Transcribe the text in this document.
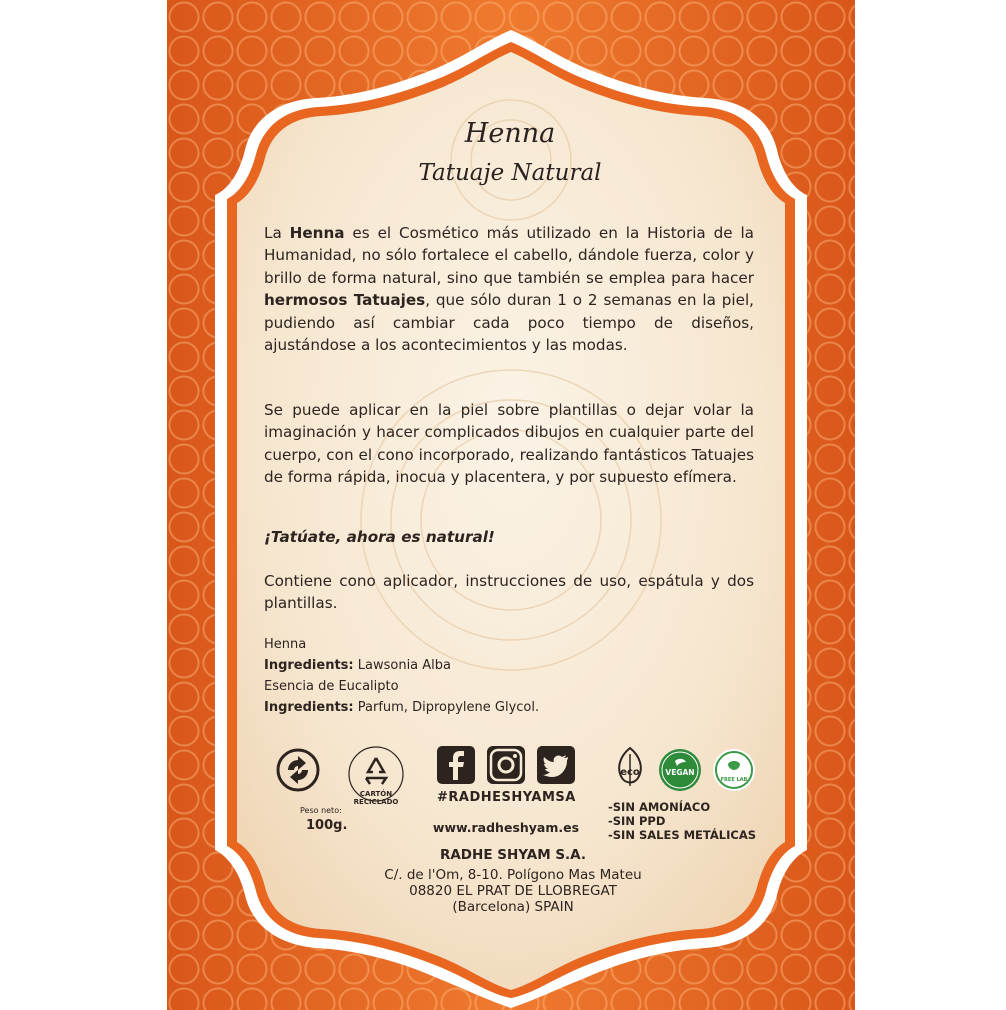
Henna
Tatuaje Natural
La Henna es el Cosmético más utilizado en la Historia de la Humanidad, no sólo fortalece el cabello, dándole fuerza, color y brillo de forma natural, sino que también se emplea para hacer hermosos Tatuajes, que sólo duran 1 o 2 semanas en la piel, pudiendo así cambiar cada poco tiempo de diseños, ajustándose a los acontecimientos y las modas.
Se puede aplicar en la piel sobre plantillas o dejar volar la imaginación y hacer complicados dibujos en cualquier parte del cuerpo, con el cono incorporado, realizando fantásticos Tatuajes de forma rápida, inocua y placentera, y por supuesto efímera.
¡Tatúate, ahora es natural!
Contiene cono aplicador, instrucciones de uso, espátula y dos plantillas.
Henna
Ingredients: Lawsonia Alba
Esencia de Eucalipto
Ingredients: Parfum, Dipropylene Glycol.
CARTÓN RECICLADO	#RADHESHYAMSA
www.radheshyam.es
Peso neto:
100g.
eco	VEGAN
FREE LAB
-SIN AMONÍACO
-SIN PPD
-SIN SALES METÁLICAS
RADHE SHYAM S.A.
C/. de l'Om, 8-10. Polígono Mas Mateu
08820 EL PRAT DE LLOBREGAT
(Barcelona) SPAIN
